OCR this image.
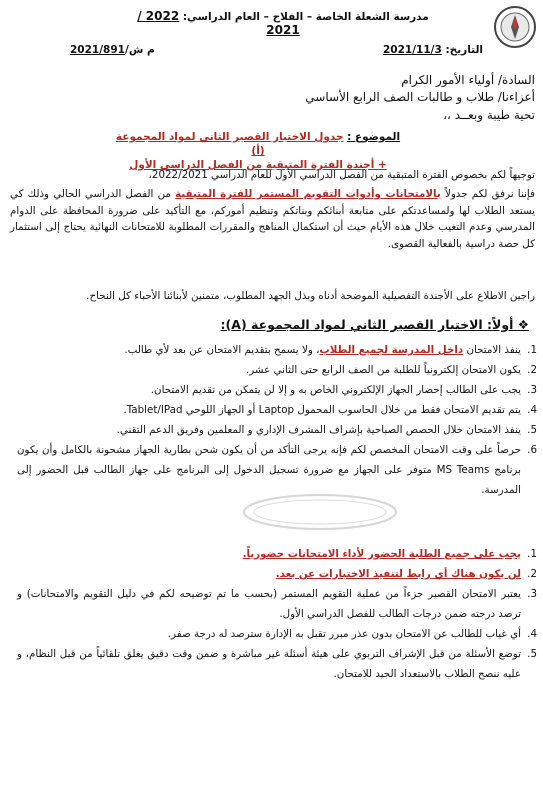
مدرسة الشعلة الخاصة – الفلاح – العام الدراسي: 2022 / 2021
التاريخ: 2021/11/3
م ش/2021/891
السادة/ أولياء الأمور الكرام
أعزاءنا/ طلاب و طالبات الصف الرابع الأساسي
تحية طيبة وبعــد ،،
الموضوع : جدول الاختبار القصير الثاني لمواد المجموعة (أ)
+ أجندة الفترة المتبقية من الفصل الدراسي الأول
توجيهاً لكم بخصوص الفترة المتبقية من الفصل الدراسي الأول للعام الدراسي 2022/2021،
فإننا نرفق لكم جدولاً بالامتحانات وأدوات التقويم المستمر للفترة المتبقية من الفصل الدراسي الحالي وذلك كي يستعد الطلاب لها ولمساعدتكم على متابعة أبنائكم وبناتكم وتنظيم أموركم، مع التأكيد على ضرورة المحافظة على الدوام المدرسي وعدم التغيب خلال هذه الأيام حيث أن استكمال المناهج والمقررات المطلوبة للامتحانات النهائية يحتاج إلى استثمار كل حصة دراسية بالفعالية القصوى.
راجين الاطلاع على الأجندة التفصيلية الموضحة أدناه وبذل الجهد المطلوب، متمنين لأبنائنا الأحباء كل النجاح.
❖ أولاً: الاختبار القصير الثاني لمواد المجموعة (A):
1.
ينفذ الامتحان داخل المدرسة لجميع الطلاب، ولا يسمح بتقديم الامتحان عن بعد لأي طالب.
2.
يكون الامتحان إلكترونياً للطلبة من الصف الرابع حتى الثاني عشر.
3.
يجب على الطالب إحضار الجهاز الإلكتروني الخاص به و إلا لن يتمكن من تقديم الامتحان.
4.
يتم تقديم الامتحان فقط من خلال الحاسوب المحمول Laptop أو الجهاز اللوحي Tablet/IPad.
5.
ينفذ الامتحان خلال الحصص الصباحية بإشراف المشرف الإداري و المعلمين وفريق الدعم التقني.
6.
حرصاً على وقت الامتحان المخصص لكم فإنه يرجى التأكد من أن يكون شحن بطارية الجهاز مشحونة بالكامل وأن يكون برنامج MS Teams متوفر على الجهاز مع ضرورة تسجيل الدخول إلى البرنامج على جهاز الطالب قبل الحضور إلى المدرسة.
1.
يجب على جميع الطلبة الحضور لأداء الامتحانات حضورياً.
2.
لن يكون هناك أي رابط لتنفيذ الاختبارات عن بعد.
3.
يعتبر الامتحان القصير جزءاً من عملية التقويم المستمر (بحسب ما تم توضيحه لكم في دليل التقويم والامتحانات) و ترصد درجته ضمن درجات الطالب للفصل الدراسي الأول.
4.
أي غياب للطالب عن الامتحان بدون عذر مبرر تقبل به الإدارة سترصد له درجة صفر.
5.
توضع الأسئلة من قبل الإشراف التربوي على هيئة أسئلة غير مباشرة و ضمن وقت دقيق يغلق تلقائياً من قبل النظام، و عليه ننصح الطلاب بالاستعداد الجيد للامتحان.
